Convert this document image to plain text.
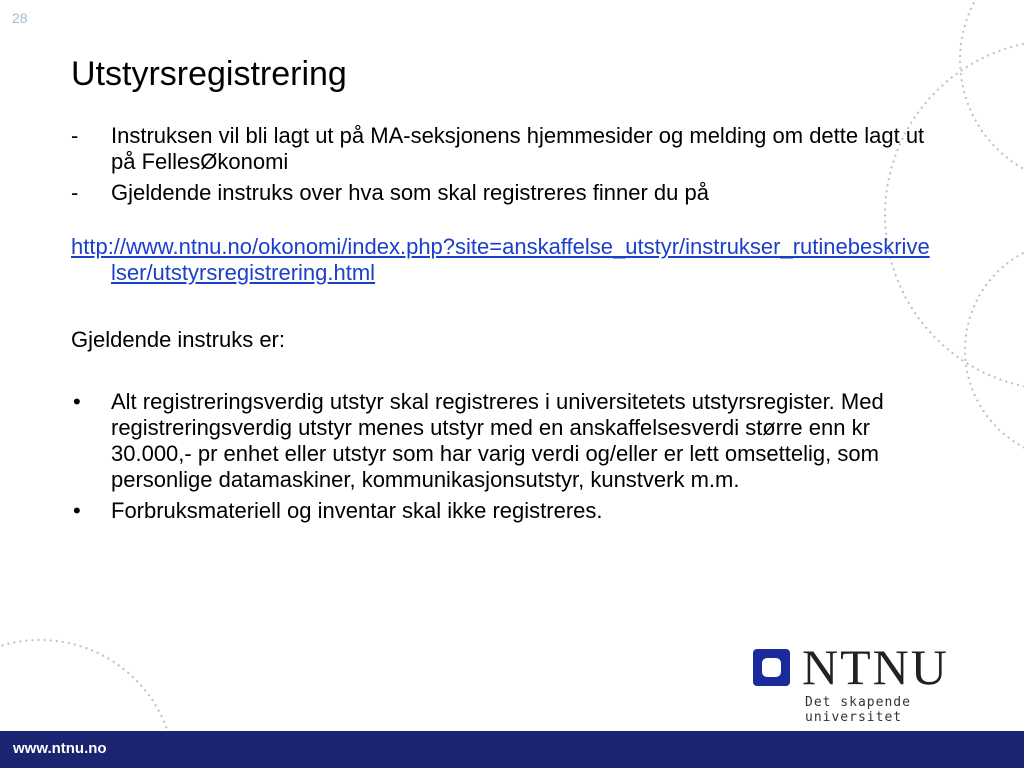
28
Utstyrsregistrering
- Instruksen vil bli lagt ut på MA-seksjonens hjemmesider og melding om dette lagt ut på FellesØkonomi
- Gjeldende instruks over hva som skal registreres finner du på
http://www.ntnu.no/okonomi/index.php?site=anskaffelse_utstyr/instrukser_rutinebeskrivelser/utstyrsregistrering.html

Gjeldende instruks er:

• Alt registreringsverdig utstyr skal registreres i universitetets utstyrsregister. Med registreringsverdig utstyr menes utstyr med en anskaffelsesverdi større enn kr 30.000,- pr enhet eller utstyr som har varig verdi og/eller er lett omsettelig, som personlige datamaskiner, kommunikasjonsutstyr, kunstverk m.m.
• Forbruksmateriell og inventar skal ikke registreres.
NTNU
Det skapende universitet
www.ntnu.no
